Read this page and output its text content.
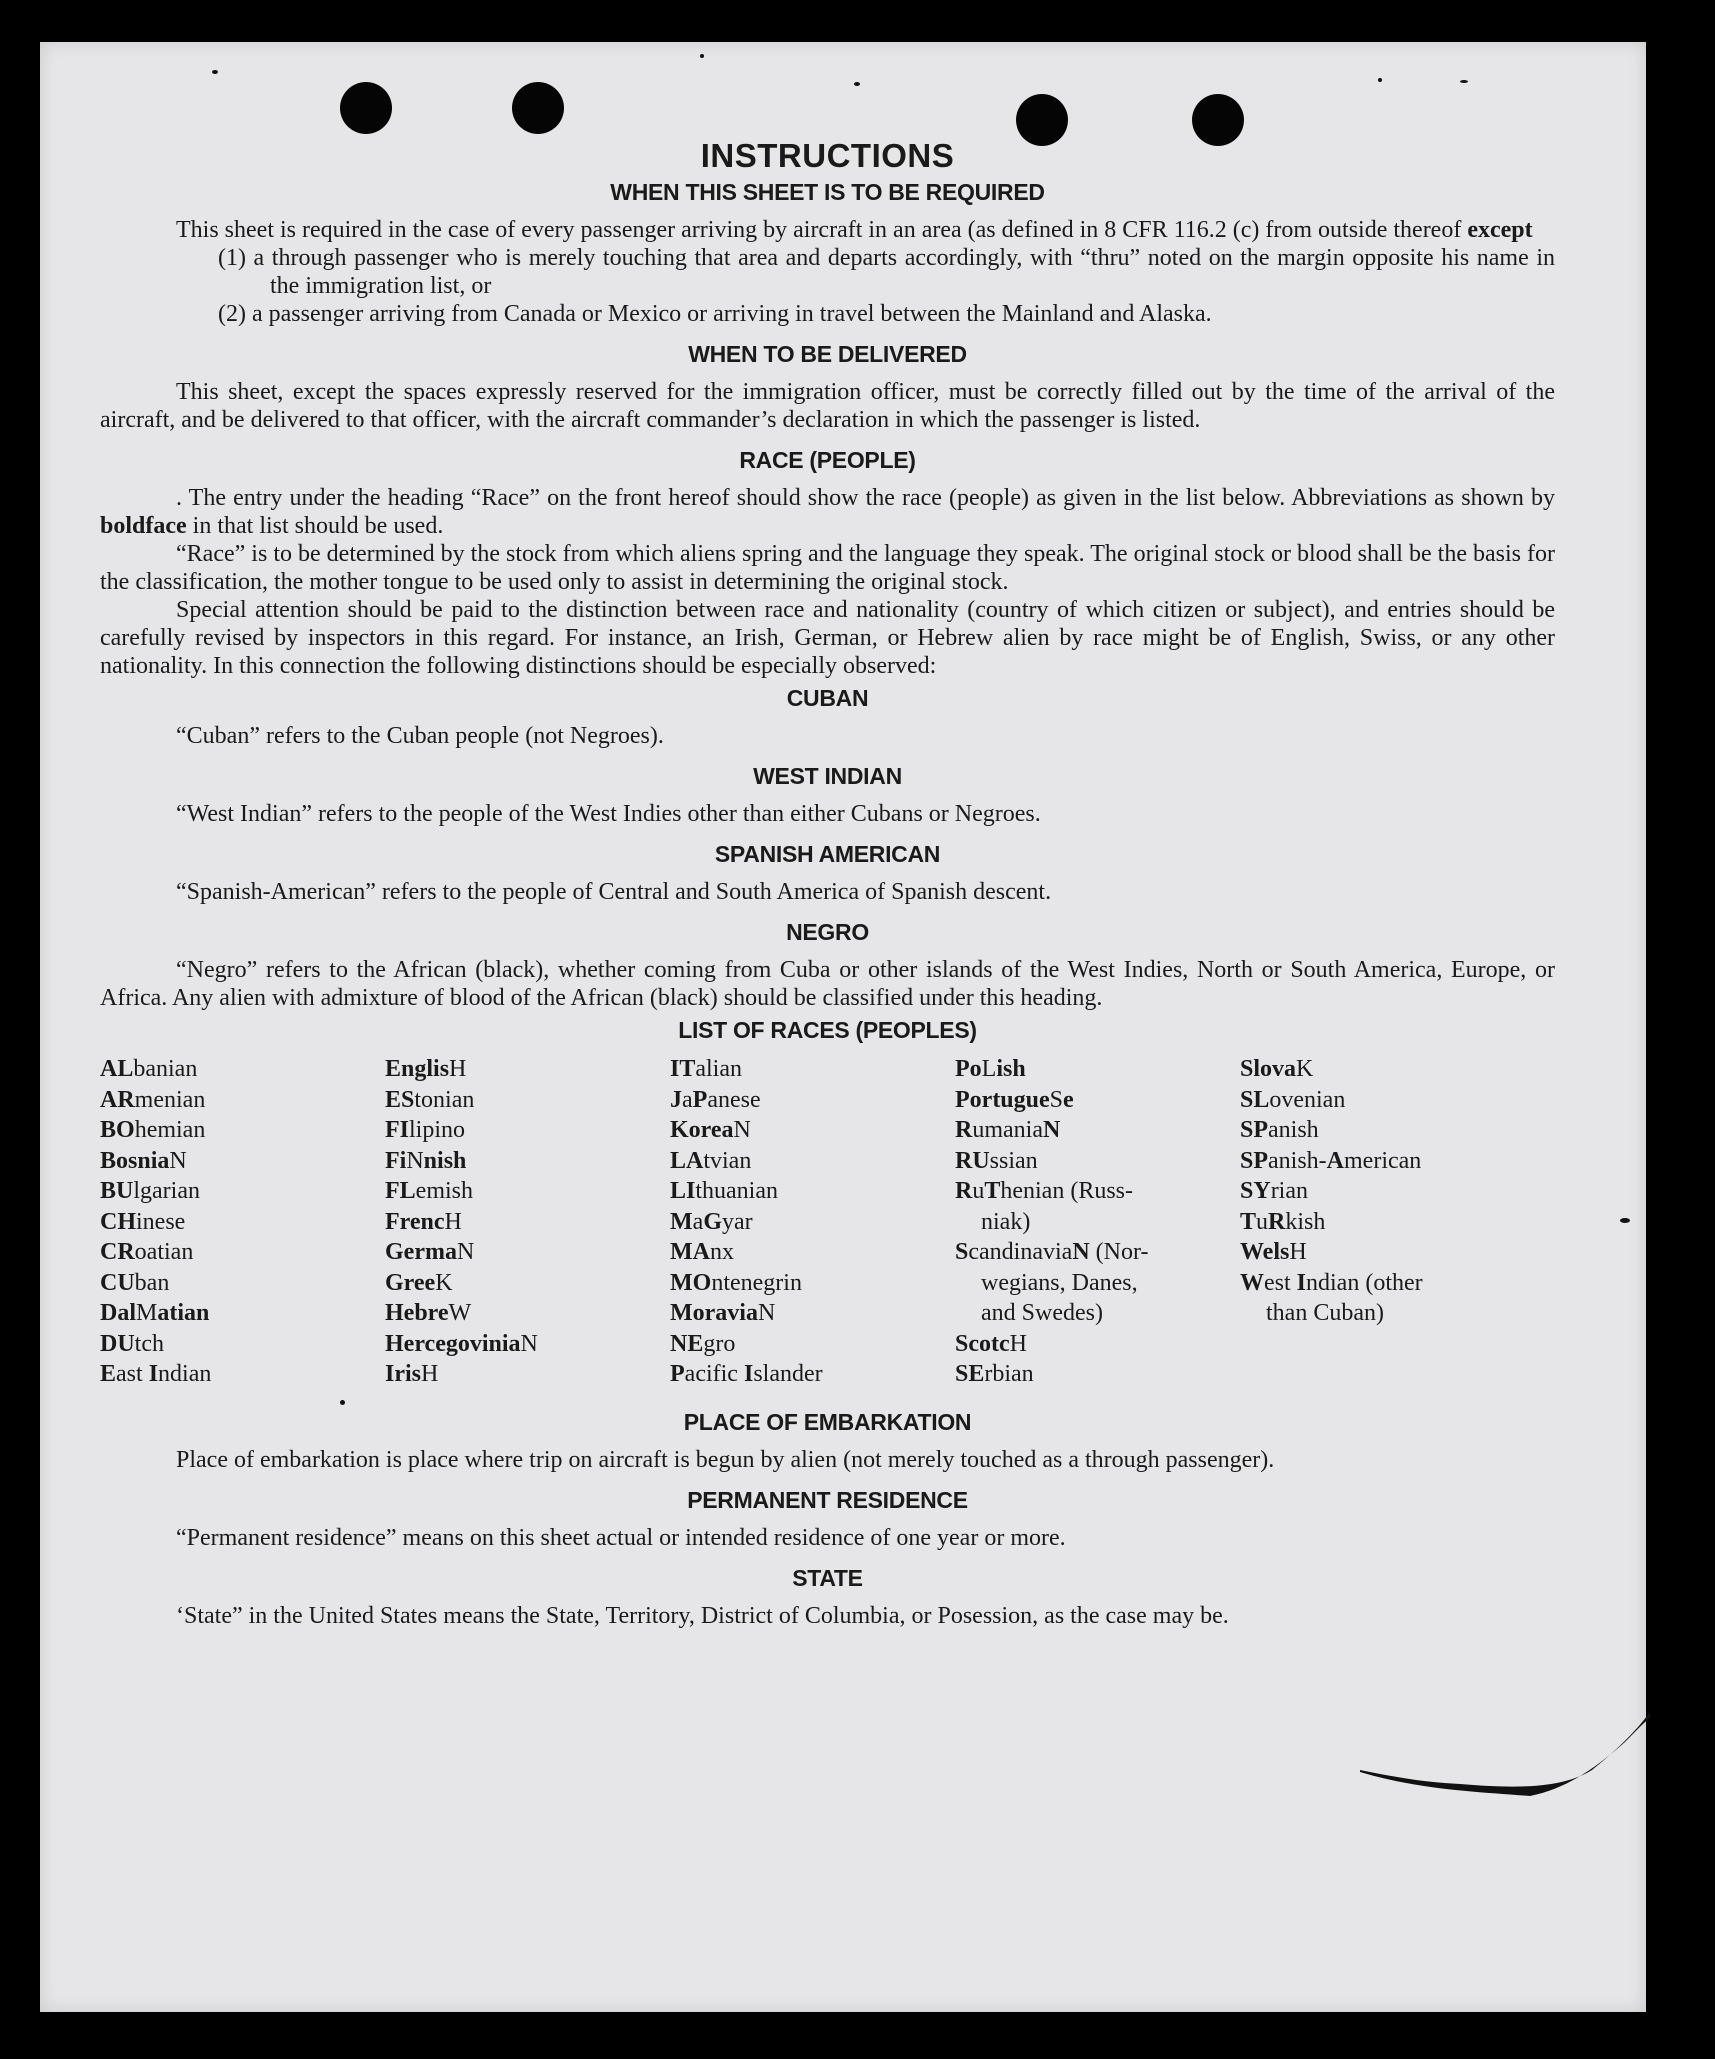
INSTRUCTIONS
WHEN THIS SHEET IS TO BE REQUIRED

This sheet is required in the case of every passenger arriving by aircraft in an area (as defined in 8 CFR 116.2 (c) from outside thereof except

(1) a through passenger who is merely touching that area and departs accordingly, with “thru” noted on the margin opposite his name in the immigration list, or

(2) a passenger arriving from Canada or Mexico or arriving in travel between the Mainland and Alaska.

WHEN TO BE DELIVERED

This sheet, except the spaces expressly reserved for the immigration officer, must be correctly filled out by the time of the arrival of the aircraft, and be delivered to that officer, with the aircraft commander’s declaration in which the passenger is listed.

RACE (PEOPLE)

. The entry under the heading “Race” on the front hereof should show the race (people) as given in the list below. Abbreviations as shown by boldface in that list should be used.

“Race” is to be determined by the stock from which aliens spring and the language they speak. The original stock or blood shall be the basis for the classification, the mother tongue to be used only to assist in determining the original stock.

Special attention should be paid to the distinction between race and nationality (country of which citizen or subject), and entries should be carefully revised by inspectors in this regard. For instance, an Irish, German, or Hebrew alien by race might be of English, Swiss, or any other nationality. In this connection the following distinctions should be especially observed:

CUBAN

“Cuban” refers to the Cuban people (not Negroes).

WEST INDIAN

“West Indian” refers to the people of the West Indies other than either Cubans or Negroes.

SPANISH AMERICAN

“Spanish-American” refers to the people of Central and South America of Spanish descent.

NEGRO

“Negro” refers to the African (black), whether coming from Cuba or other islands of the West Indies, North or South America, Europe, or Africa. Any alien with admixture of blood of the African (black) should be classified under this heading.

LIST OF RACES (PEOPLES)
ALbanian
ARmenian
BOhemian
BosniaN
BUlgarian
CHinese
CRoatian
CUban
DalMatian
DUtch
East Indian
EnglisH
EStonian
FIlipino
FiNnish
FLemish
FrencH
GermaN
GreeK
HebreW
HercegoviniaN
IrisH
ITalian
JaPanese
KoreaN
LAtvian
LIthuanian
MaGyar
MAnx
MOntenegrin
MoraviaN
NEgro
Pacific Islander
PoLish
PortugueSe
RumaniaN
RUssian
RuThenian (Russ-
niak)
ScandinaviaN (Nor-
wegians, Danes,
and Swedes)
ScotcH
SErbian
SlovaK
SLovenian
SPanish
SPanish-American
SYrian
TuRkish
WelsH
West Indian (other
than Cuban)
PLACE OF EMBARKATION

Place of embarkation is place where trip on aircraft is begun by alien (not merely touched as a through passenger).

PERMANENT RESIDENCE

“Permanent residence” means on this sheet actual or intended residence of one year or more.

STATE

‘State” in the United States means the State, Territory, District of Columbia, or Posession, as the case may be.
